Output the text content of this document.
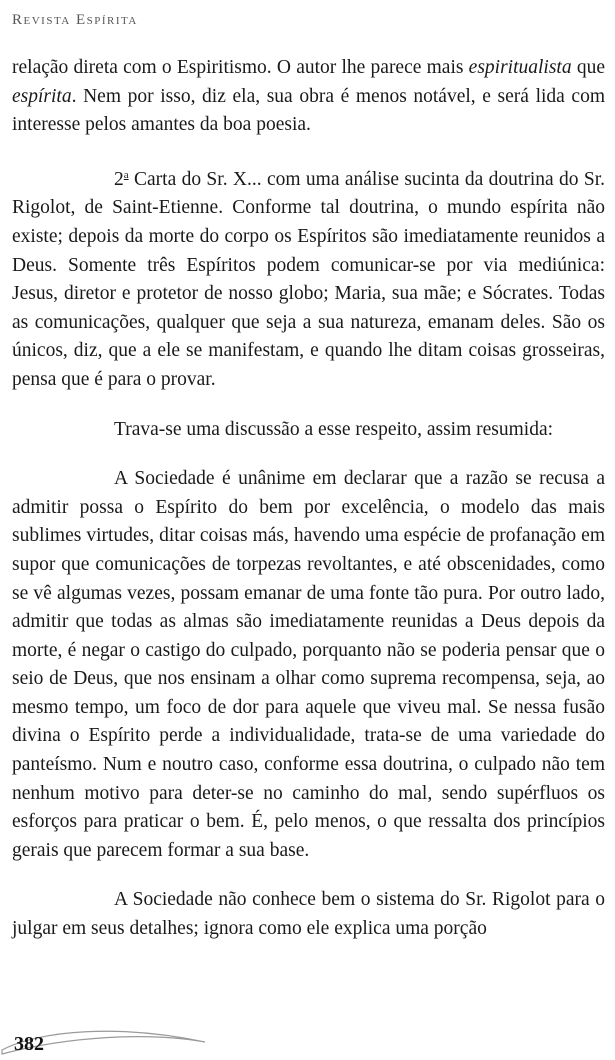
Revista Espírita

relação direta com o Espiritismo. O autor lhe parece mais espiritualista que espírita. Nem por isso, diz ela, sua obra é menos notável, e será lida com interesse pelos amantes da boa poesia.

2$^a$ Carta do Sr. X... com uma análise sucinta da doutrina do Sr. Rigolot, de Saint-Etienne. Conforme tal doutrina, o mundo espírita não existe; depois da morte do corpo os Espíritos são imediatamente reunidos a Deus. Somente três Espíritos podem comunicar-se por via mediúnica: Jesus, diretor e protetor de nosso globo; Maria, sua mãe; e Sócrates. Todas as comunicações, qualquer que seja a sua natureza, emanam deles. São os únicos, diz, que a ele se manifestam, e quando lhe ditam coisas grosseiras, pensa que é para o provar.

Trava-se uma discussão a esse respeito, assim resumida:

A Sociedade é unânime em declarar que a razão se recusa a admitir possa o Espírito do bem por excelência, o modelo das mais sublimes virtudes, ditar coisas más, havendo uma espécie de profanação em supor que comunicações de torpezas revoltantes, e até obscenidades, como se vê algumas vezes, possam emanar de uma fonte tão pura. Por outro lado, admitir que todas as almas são imediatamente reunidas a Deus depois da morte, é negar o castigo do culpado, porquanto não se poderia pensar que o seio de Deus, que nos ensinam a olhar como suprema recompensa, seja, ao mesmo tempo, um foco de dor para aquele que viveu mal. Se nessa fusão divina o Espírito perde a individualidade, trata-se de uma variedade do panteísmo. Num e noutro caso, conforme essa doutrina, o culpado não tem nenhum motivo para deter-se no caminho do mal, sendo supérfluos os esforços para praticar o bem. É, pelo menos, o que ressalta dos princípios gerais que parecem formar a sua base.

A Sociedade não conhece bem o sistema do Sr. Rigolot para o julgar em seus detalhes; ignora como ele explica uma porção

382
